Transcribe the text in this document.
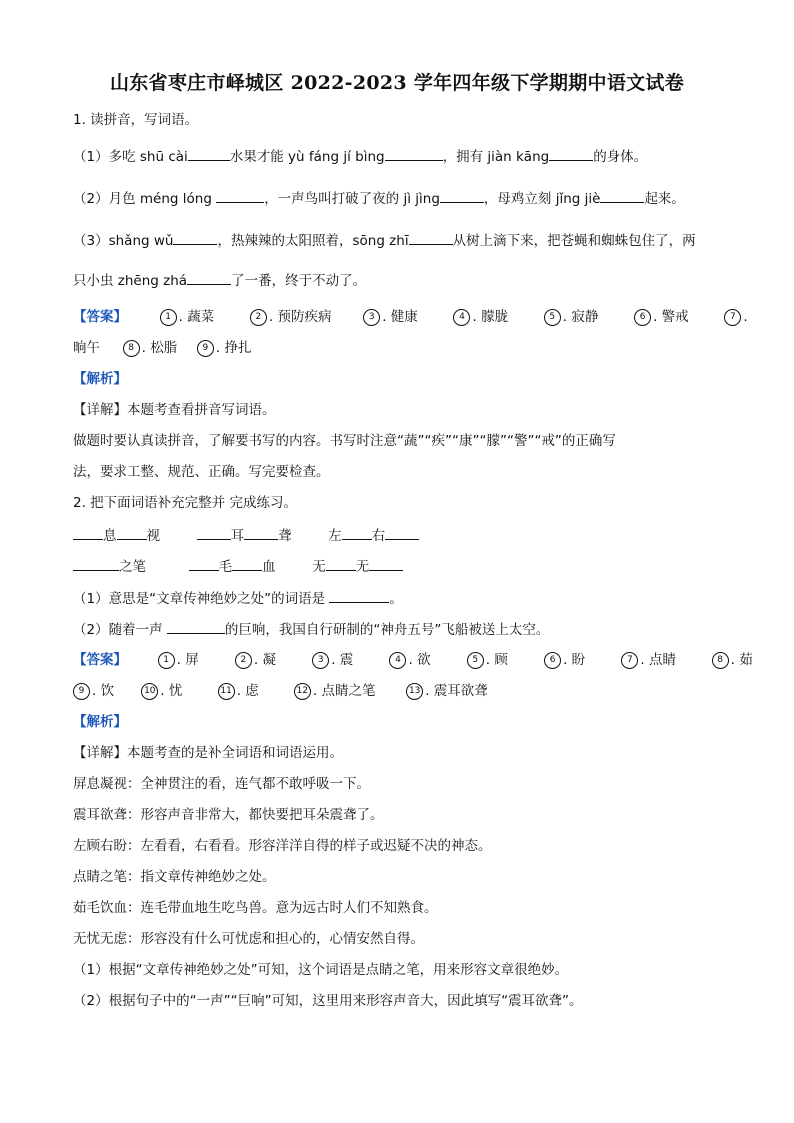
山东省枣庄市峄城区 2022-2023 学年四年级下学期期中语文试卷
1. 读拼音，写词语。
（1）多吃 shū cài	水果才能 yù fáng jí bìng	，拥有 jiàn kāng	的身体。
（2）月色 méng lóng	，一声鸟叫打破了夜的 jì jìng	，母鸡立刻 jǐng jiè	起来。
（3）shǎng wǔ	，热辣辣的太阳照着，sōng zhī	从树上滴下来，把苍蝇和蜘蛛包住了，两
只小虫 zhēng zhá	了一番，终于不动了。
【答案】	1 . 蔬菜	2 . 预防疾病	3 . 健康	4 . 朦胧	5 . 寂静	6 . 警戒	7 .
晌午	8 . 松脂	9 . 挣扎
【解析】
【详解】本题考查看拼音写词语。
做题时要认真读拼音，了解要书写的内容。书写时注意“蔬”“疾”“康”“朦”“警”“戒”的正确写
法，要求工整、规范、正确。写完要检查。
2. 把下面词语补充完整并 完成练习。
息 视	耳	聋	左 右
之笔	毛 血	无 无
（1）意思是“文章传神绝妙之处”的词语是	。
（2）随着一声	的巨响，我国自行研制的“神舟五号”飞船被送上太空。
【答案】	1 . 屏	2 . 凝	3 . 震	4 . 欲	5 . 顾	6 . 盼	7 . 点睛	8 . 茹
9 . 饮	10 . 忧	11 . 虑	12 . 点睛之笔	13 . 震耳欲聋
【解析】
【详解】本题考查的是补全词语和词语运用。
屏息凝视：全神贯注的看，连气都不敢呼吸一下。
震耳欲聋：形容声音非常大，都快要把耳朵震聋了。
左顾右盼：左看看，右看看。形容洋洋自得的样子或迟疑不决的神态。
点睛之笔：指文章传神绝妙之处。
茹毛饮血：连毛带血地生吃鸟兽。意为远古时人们不知熟食。
无忧无虑：形容没有什么可忧虑和担心的，心情安然自得。
（1）根据“文章传神绝妙之处”可知，这个词语是点睛之笔，用来形容文章很绝妙。
（2）根据句子中的“一声”“巨响”可知，这里用来形容声音大，因此填写“震耳欲聋”。
